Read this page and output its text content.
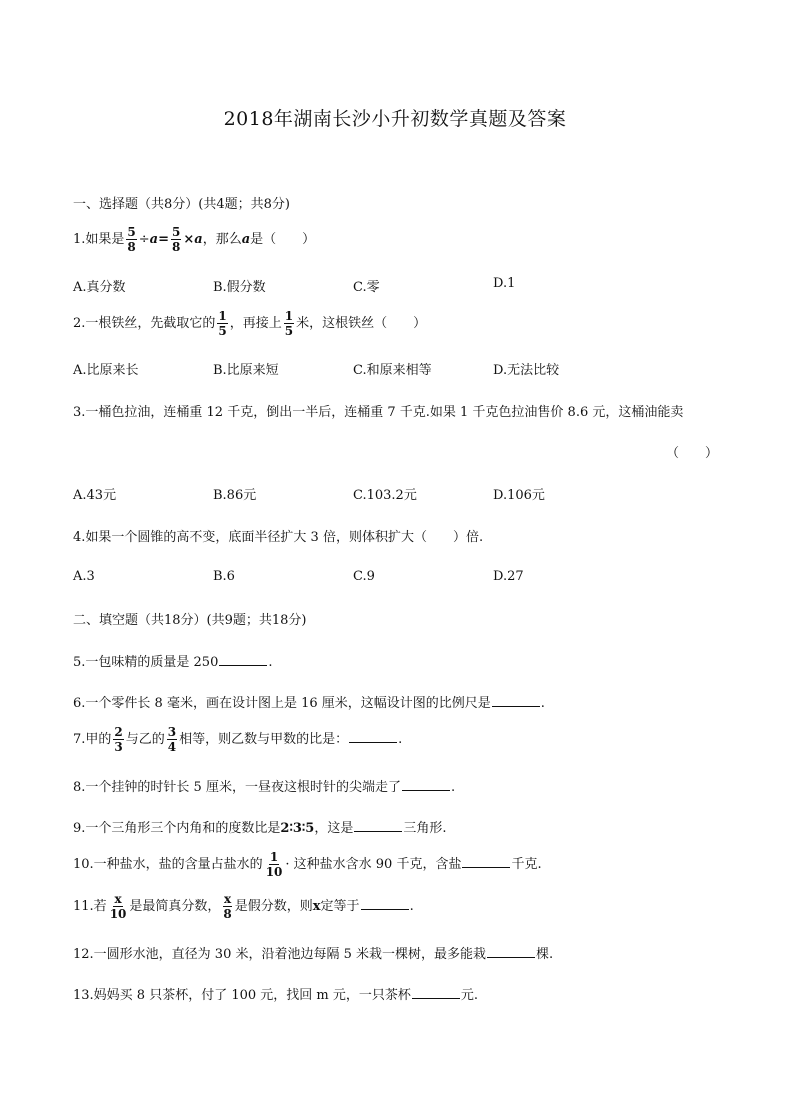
2018年湖南长沙小升初数学真题及答案
一、选择题（共8分）(共4题；共8分)
1.如果是 $\frac{5}{8} \div a= \frac{5}{8} \times a$，那么a是（　　）
A.真分数	B.假分数	C.零	D.1
2.一根铁丝，先截取它的 $\frac{1}{5}$ ，再接上 $\frac{1}{5}$ 米，这根铁丝（　　）
A.比原来长	B.比原来短	C.和原来相等	D.无法比较
3.一桶色拉油，连桶重 12 千克，倒出一半后，连桶重 7 千克.如果 1 千克色拉油售价 8.6 元，这桶油能卖
（　　）
A.43元	B.86元	C.103.2元	D.106元
4.如果一个圆锥的高不变，底面半径扩大 3 倍，则体积扩大（　　）倍.
A.3	B.6	C.9	D.27
二、填空题（共18分）(共9题；共18分)
5.一包味精的质量是 250	.
6.一个零件长 8 毫米，画在设计图上是 16 厘米，这幅设计图的比例尺是	.
7.甲的 $\frac{2}{3}$ 与乙的 $\frac{3}{4}$ 相等，则乙数与甲数的比是：	.
8.一个挂钟的时针长 5 厘米，一昼夜这根时针的尖端走了	.
9.一个三角形三个内角和的度数比是2∶3∶5，这是	三角形.
10.一种盐水，盐的含量占盐水的 $\frac{1}{10}$ · 这种盐水含水 90 千克，含盐	千克.
11.若 $\frac{x}{10}$ 是最简真分数， $\frac{x}{8}$ 是假分数，则x定等于	.
12.一圆形水池，直径为 30 米，沿着池边每隔 5 米栽一棵树，最多能栽	棵.
13.妈妈买 8 只茶杯，付了 100 元，找回 m 元，一只茶杯	元.
